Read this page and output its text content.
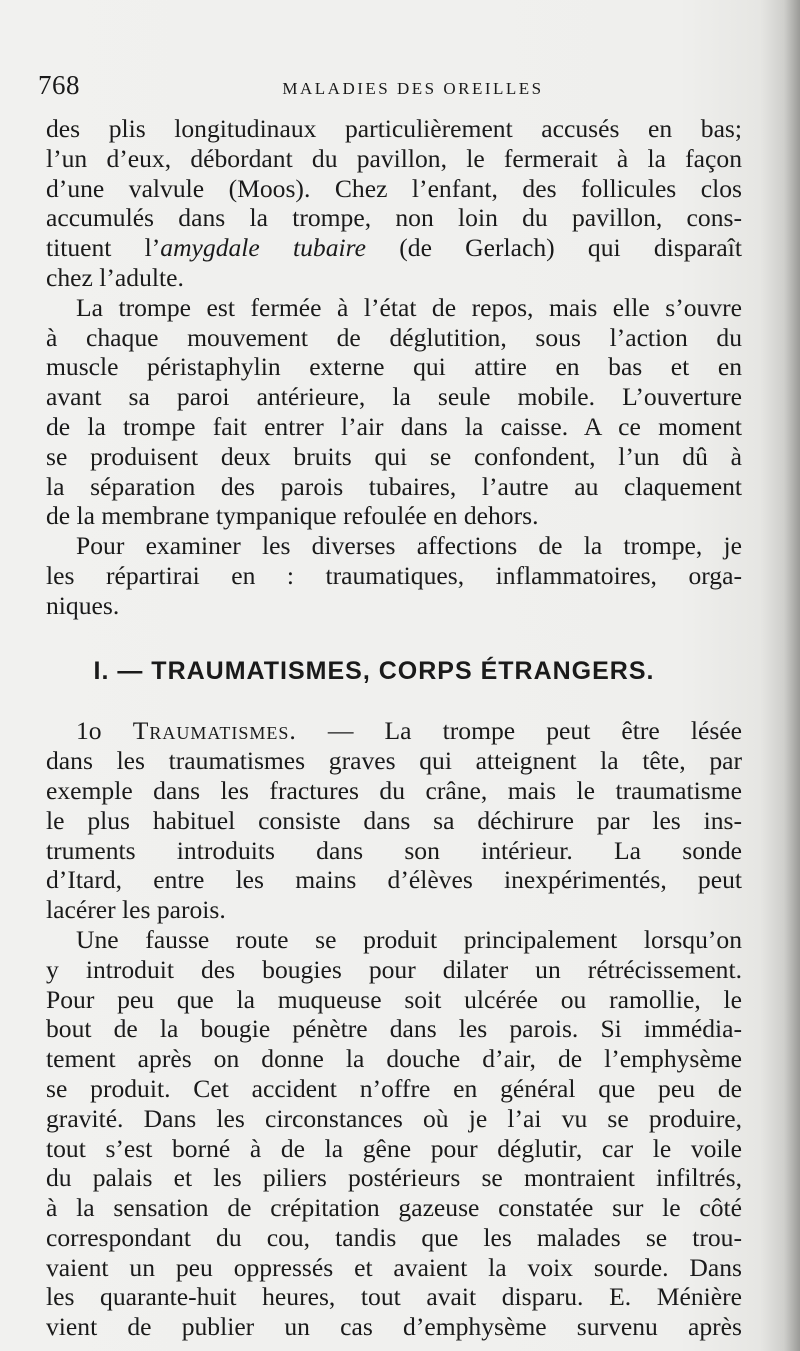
768	MALADIES DES OREILLES
des plis longitudinaux particulièrement accusés en bas;
l’un d’eux, débordant du pavillon, le fermerait à la façon
d’une valvule (Moos). Chez l’enfant, des follicules clos
accumulés dans la trompe, non loin du pavillon, cons-
tituent l’amygdale tubaire (de Gerlach) qui disparaît
chez l’adulte.
La trompe est fermée à l’état de repos, mais elle s’ouvre
à chaque mouvement de déglutition, sous l’action du
muscle péristaphylin externe qui attire en bas et en
avant sa paroi antérieure, la seule mobile. L’ouverture
de la trompe fait entrer l’air dans la caisse. A ce moment
se produisent deux bruits qui se confondent, l’un dû à
la séparation des parois tubaires, l’autre au claquement
de la membrane tympanique refoulée en dehors.
Pour examiner les diverses affections de la trompe, je
les répartirai en : traumatiques, inflammatoires, orga-
niques.
I. — TRAUMATISMES, CORPS ÉTRANGERS.
1o Traumatismes. — La trompe peut être lésée
dans les traumatismes graves qui atteignent la tête, par
exemple dans les fractures du crâne, mais le traumatisme
le plus habituel consiste dans sa déchirure par les ins-
truments introduits dans son intérieur. La sonde
d’Itard, entre les mains d’élèves inexpérimentés, peut
lacérer les parois.
Une fausse route se produit principalement lorsqu’on
y introduit des bougies pour dilater un rétrécissement.
Pour peu que la muqueuse soit ulcérée ou ramollie, le
bout de la bougie pénètre dans les parois. Si immédia-
tement après on donne la douche d’air, de l’emphysème
se produit. Cet accident n’offre en général que peu de
gravité. Dans les circonstances où je l’ai vu se produire,
tout s’est borné à de la gêne pour déglutir, car le voile
du palais et les piliers postérieurs se montraient infiltrés,
à la sensation de crépitation gazeuse constatée sur le côté
correspondant du cou, tandis que les malades se trou-
vaient un peu oppressés et avaient la voix sourde. Dans
les quarante-huit heures, tout avait disparu. E. Ménière
vient de publier un cas d’emphysème survenu après
